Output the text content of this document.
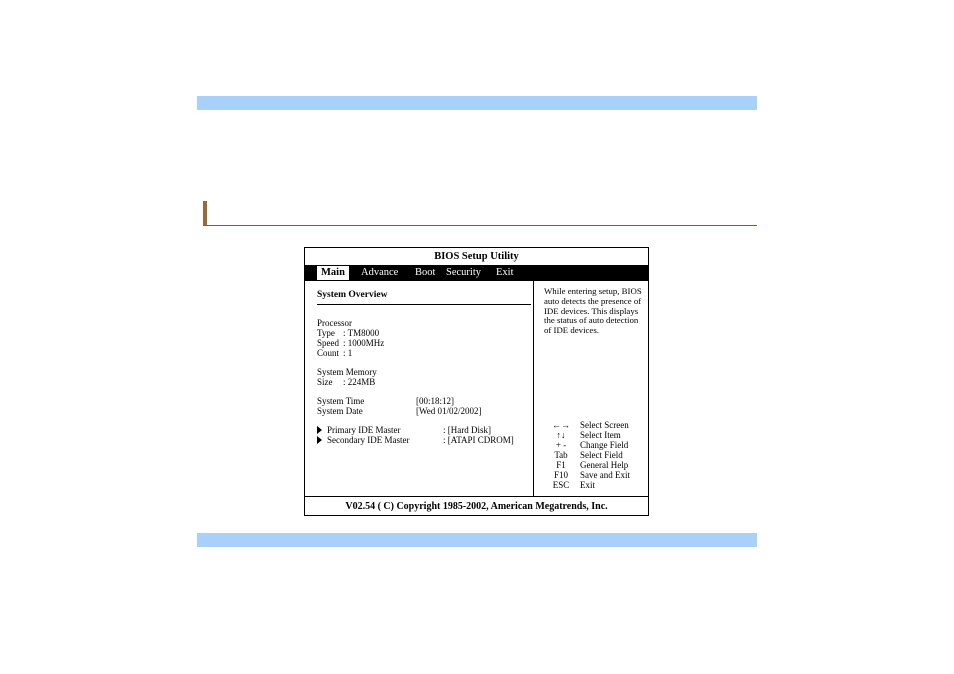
BIOS Setup Utility
Main	Advance Boot Security Exit
System Overview
Processor
Type : TM8000
Speed : 1000MHz
Count : 1
System Memory
Size : 224MB
System Time	[00:18:12]
System Date	[Wed 01/02/2002]
Primary IDE Master	: [Hard Disk]
Secondary IDE Master	: [ATAPI CDROM]
While entering setup, BIOS auto detects the presence of IDE devices. This displays the status of auto detection of IDE devices.
←→	Select Screen
↑↓	Select Item
+ -	Change Field
Tab	Select Field
F1	General Help
F10	Save and Exit
ESC	Exit
V02.54 ( C) Copyright 1985-2002, American Megatrends, Inc.
